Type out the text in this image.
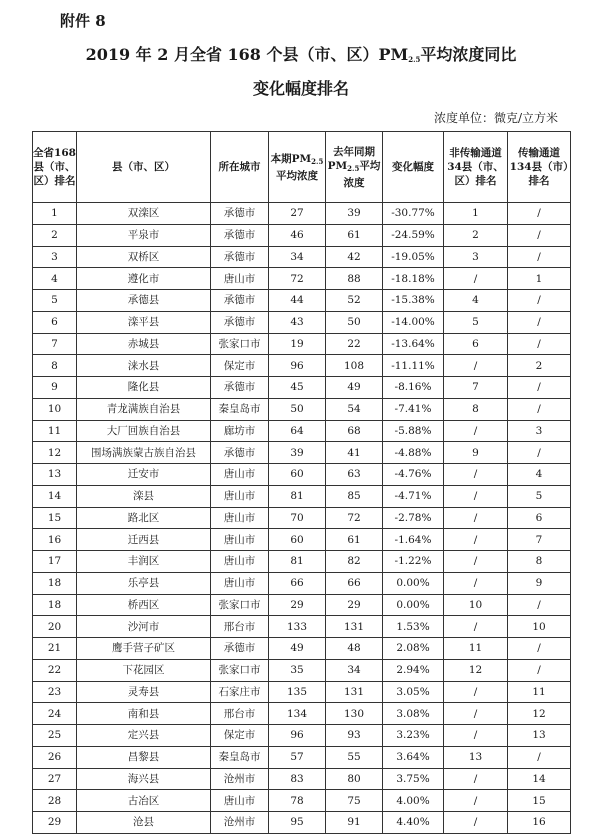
附件 8
2019 年 2 月全省 168 个县（市、区）$PM_{2.5}$平均浓度同比
变化幅度排名
浓度单位：微克/立方米
全省168县（市、区）排名	县（市、区）	所在城市	本期$PM_{2.5}$平均浓度	去年同期$PM_{2.5}$平均浓度	变化幅度	非传输通道34县（市、区）排名	传输通道134县（市）排名
1	双滦区	承德市	27	39	-30.77%	1	/
2	平泉市	承德市	46	61	-24.59%	2	/
3	双桥区	承德市	34	42	-19.05%	3	/
4	遵化市	唐山市	72	88	-18.18%	/	1
5	承德县	承德市	44	52	-15.38%	4	/
6	滦平县	承德市	43	50	-14.00%	5	/
7	赤城县	张家口市	19	22	-13.64%	6	/
8	涞水县	保定市	96	108	-11.11%	/	2
9	隆化县	承德市	45	49	-8.16%	7	/
10	青龙满族自治县	秦皇岛市	50	54	-7.41%	8	/
11	大厂回族自治县	廊坊市	64	68	-5.88%	/	3
12	围场满族蒙古族自治县	承德市	39	41	-4.88%	9	/
13	迁安市	唐山市	60	63	-4.76%	/	4
14	滦县	唐山市	81	85	-4.71%	/	5
15	路北区	唐山市	70	72	-2.78%	/	6
16	迁西县	唐山市	60	61	-1.64%	/	7
17	丰润区	唐山市	81	82	-1.22%	/	8
18	乐亭县	唐山市	66	66	0.00%	/	9
18	桥西区	张家口市	29	29	0.00%	10	/
20	沙河市	邢台市	133	131	1.53%	/	10
21	鹰手营子矿区	承德市	49	48	2.08%	11	/
22	下花园区	张家口市	35	34	2.94%	12	/
23	灵寿县	石家庄市	135	131	3.05%	/	11
24	南和县	邢台市	134	130	3.08%	/	12
25	定兴县	保定市	96	93	3.23%	/	13
26	昌黎县	秦皇岛市	57	55	3.64%	13	/
27	海兴县	沧州市	83	80	3.75%	/	14
28	古冶区	唐山市	78	75	4.00%	/	15
29	沧县	沧州市	95	91	4.40%	/	16
